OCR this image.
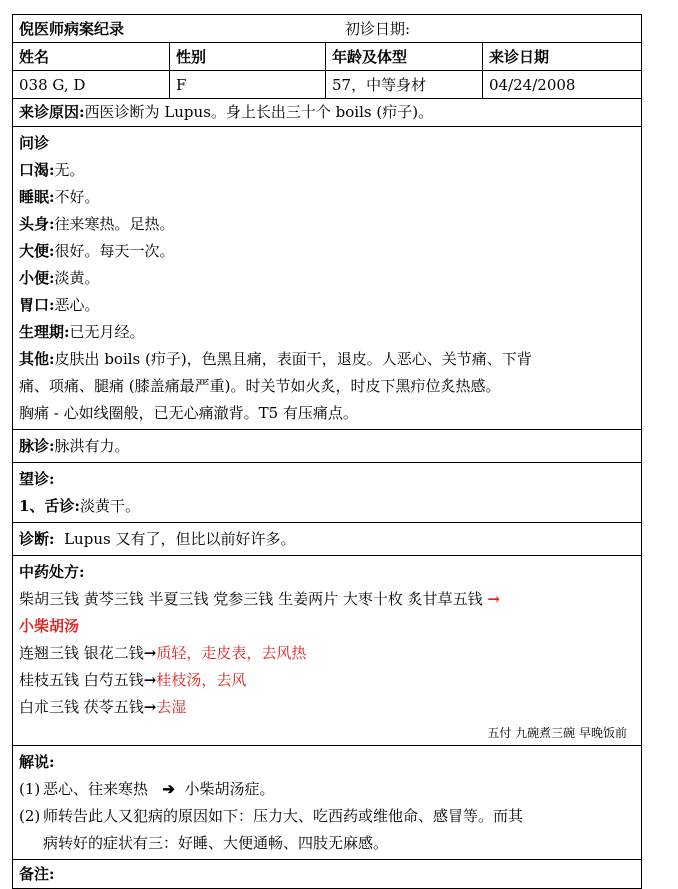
倪医师病案纪录	初诊日期:
姓名	性别	年龄及体型	来诊日期
038 G, D	F	57，中等身材	04/24/2008
来诊原因:西医诊断为 Lupus。身上长出三十个 boils (疖子)。
问诊
口渴:无。
睡眠:不好。
头身:往来寒热。足热。
大便:很好。每天一次。
小便:淡黄。
胃口:恶心。
生理期:已无月经。
其他:皮肤出 boils (疖子)，色黑且痛，表面干，退皮。人恶心、关节痛、下背
痛、项痛、腿痛 (膝盖痛最严重)。时关节如火炙，时皮下黑疖位炙热感。
胸痛 - 心如线圈般，已无心痛澈背。T5 有压痛点。
脉诊:脉洪有力。
望诊:
1、舌诊:淡黄干。
诊断: Lupus 又有了，但比以前好许多。
中药处方:
柴胡三钱 黄芩三钱 半夏三钱 党参三钱 生姜两片 大枣十枚 炙甘草五钱 →
小柴胡汤
连翘三钱 银花二钱→质轻，走皮表，去风热
桂枝五钱 白芍五钱→桂枝汤，去风
白朮三钱 茯苓五钱→去湿
五付 九碗煮三碗 早晚饭前
解说:
(1) 恶心、往来寒热 ➔ 小柴胡汤症。
(2) 师转告此人又犯病的原因如下：压力大、吃西药或维他命、感冒等。而其
病转好的症状有三：好睡、大便通畅、四肢无麻感。
备注:
